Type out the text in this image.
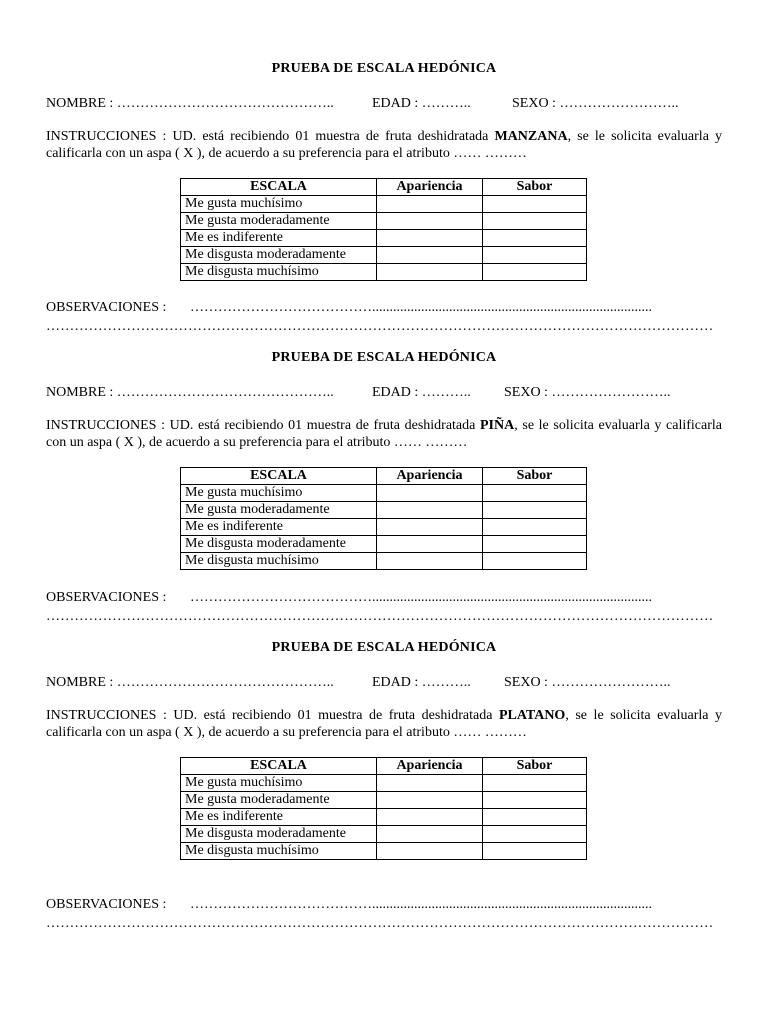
PRUEBA DE ESCALA HEDÓNICA

NOMBRE : ………………………………………..	EDAD : ………..	SEXO : ……………………..
INSTRUCCIONES : UD. está recibiendo 01 muestra de fruta deshidratada MANZANA, se le solicita evaluarla y calificarla con un aspa ( X ), de acuerdo a su preferencia para el atributo …… ………
ESCALA	Apariencia	Sabor
Me gusta muchísimo		
Me gusta moderadamente		
Me es indiferente		
Me disgusta moderadamente		
Me disgusta muchísimo		
OBSERVACIONES : …………………………………................................................................................
……………………………………………………………………………………………………………………………

PRUEBA DE ESCALA HEDÓNICA

NOMBRE : ………………………………………..	EDAD : ……….. SEXO : ……………………..
INSTRUCCIONES : UD. está recibiendo 01 muestra de fruta deshidratada PIÑA, se le solicita evaluarla y calificarla con un aspa ( X ), de acuerdo a su preferencia para el atributo …… ………
ESCALA	Apariencia	Sabor
Me gusta muchísimo		
Me gusta moderadamente		
Me es indiferente		
Me disgusta moderadamente		
Me disgusta muchísimo		
OBSERVACIONES : …………………………………................................................................................
……………………………………………………………………………………………………………………………

PRUEBA DE ESCALA HEDÓNICA

NOMBRE : ………………………………………..	EDAD : ……….. SEXO : ……………………..
INSTRUCCIONES : UD. está recibiendo 01 muestra de fruta deshidratada PLATANO, se le solicita evaluarla y calificarla con un aspa ( X ), de acuerdo a su preferencia para el atributo …… ………
ESCALA	Apariencia	Sabor
Me gusta muchísimo		
Me gusta moderadamente		
Me es indiferente		
Me disgusta moderadamente		
Me disgusta muchísimo		
OBSERVACIONES : …………………………………................................................................................
……………………………………………………………………………………………………………………………
